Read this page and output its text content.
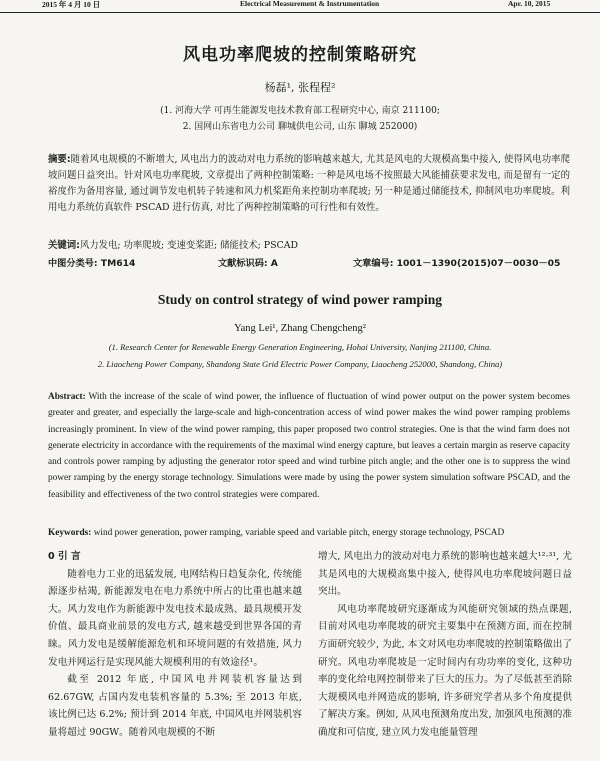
2015 年 4 月 10 日	Electrical Measurement & Instrumentation	Apr. 10, 2015
风电功率爬坡的控制策略研究
杨磊¹, 张程程²
(1. 河海大学 可再生能源发电技术教育部工程研究中心, 南京 211100;
2. 国网山东省电力公司 聊城供电公司, 山东 聊城 252000)
摘要:随着风电规模的不断增大, 风电出力的波动对电力系统的影响越来越大, 尤其是风电的大规模高集中接入, 使得风电功率爬坡问题日益突出。针对风电功率爬坡, 文章提出了两种控制策略: 一种是风电场不按照最大风能捕获要求发电, 而是留有一定的裕度作为备用容量, 通过调节发电机转子转速和风力机桨距角来控制功率爬坡; 另一种是通过储能技术, 抑制风电功率爬坡。利用电力系统仿真软件 PSCAD 进行仿真, 对比了两种控制策略的可行性和有效性。
关键词:风力发电; 功率爬坡; 变速变桨距; 储能技术; PSCAD
中图分类号: TM614	文献标识码: A	文章编号: 1001－1390(2015)07－0030－05
Study on control strategy of wind power ramping
Yang Lei¹, Zhang Chengcheng²
(1. Research Center for Renewable Energy Generation Engineering, Hohai University, Nanjing 211100, China.
2. Liaocheng Power Company, Shandong State Grid Electric Power Company, Liaocheng 252000, Shandong, China)
Abstract: With the increase of the scale of wind power, the influence of fluctuation of wind power output on the power system becomes greater and greater, and especially the large-scale and high-concentration access of wind power makes the wind power ramping problems increasingly prominent. In view of the wind power ramping, this paper proposed two control strategies. One is that the wind farm does not generate electricity in accordance with the requirements of the maximal wind energy capture, but leaves a certain margin as reserve capacity and controls power ramping by adjusting the generator rotor speed and wind turbine pitch angle; and the other one is to suppress the wind power ramping by the energy storage technology. Simulations were made by using the power system simulation software PSCAD, and the feasibility and effectiveness of the two control strategies were compared.
Keywords: wind power generation, power ramping, variable speed and variable pitch, energy storage technology, PSCAD
0 引 言
随着电力工业的迅猛发展, 电网结构日趋复杂化, 传统能源逐步枯竭, 新能源发电在电力系统中所占的比重也越来越大。风力发电作为新能源中发电技术最成熟、最具规模开发价值、最具商业前景的发电方式, 越来越受到世界各国的青睐。风力发电是缓解能源危机和环境问题的有效措施, 风力发电并网运行是实现风能大规模利用的有效途径¹。
截至 2012 年底, 中国风电并网装机容量达到 62.67GW, 占国内发电装机容量的 5.3%; 至 2013 年底, 该比例已达 6.2%; 预计到 2014 年底, 中国风电并网装机容量将超过 90GW。随着风电规模的不断
增大, 风电出力的波动对电力系统的影响也越来越大¹²·³¹, 尤其是风电的大规模高集中接入, 使得风电功率爬坡问题日益突出。
风电功率爬坡研究逐渐成为风能研究领域的热点课题, 目前对风电功率爬坡的研究主要集中在预测方面, 而在控制方面研究较少, 为此, 本文对风电功率爬坡的控制策略做出了研究。风电功率爬坡是一定时间内有功功率的变化, 这种功率的变化给电网控制带来了巨大的压力。为了尽低甚至消除大规模风电并网造成的影响, 许多研究学者从多个角度提供了解决方案。例如, 从风电预测角度出发, 加强风电预测的准确度和可信度, 建立风力发电能量管理
